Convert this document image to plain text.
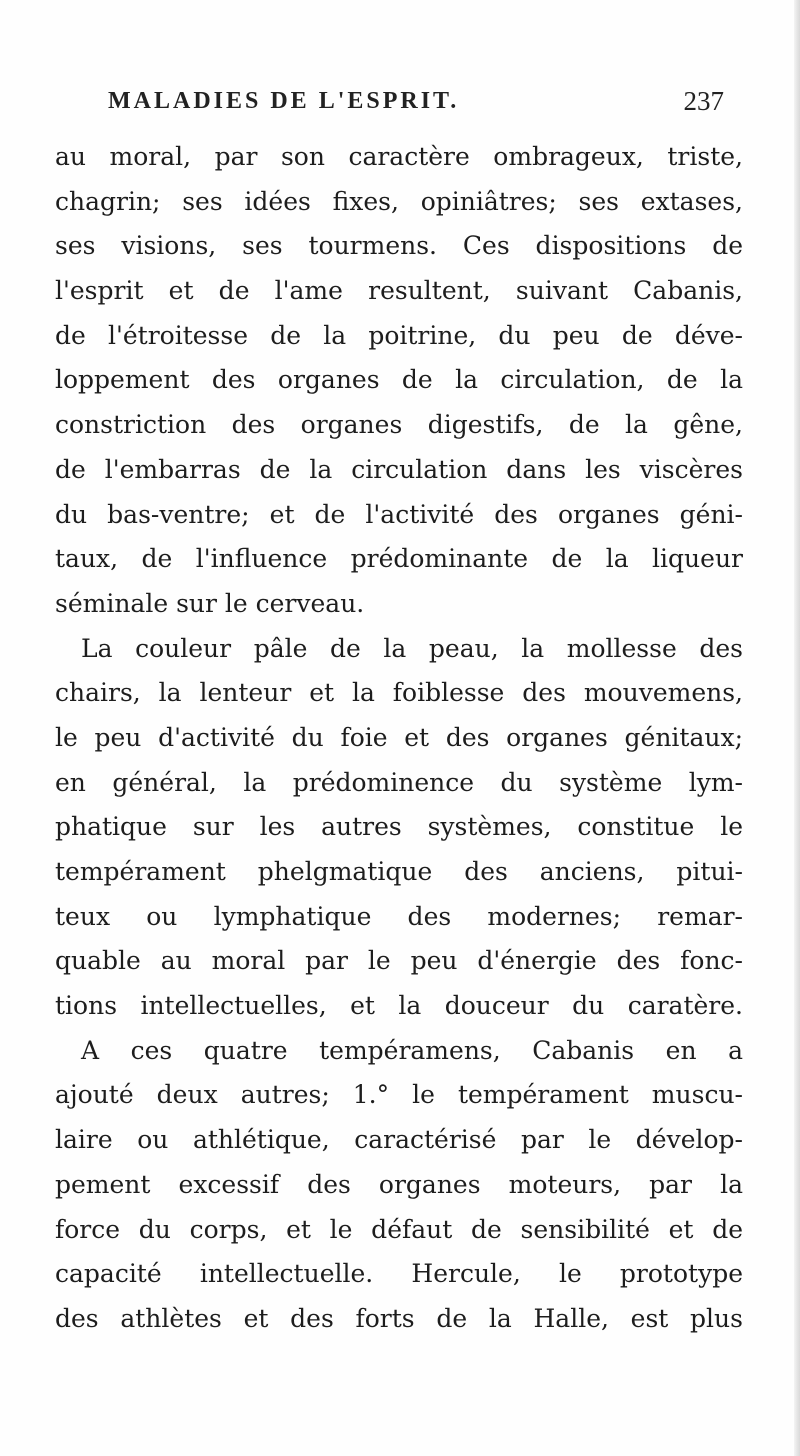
MALADIES DE L'ESPRIT.	237
au moral, par son caractère ombrageux, triste,
chagrin; ses idées fixes, opiniâtres; ses extases,
ses visions, ses tourmens. Ces dispositions de
l'esprit et de l'ame resultent, suivant Cabanis,
de l'étroitesse de la poitrine, du peu de déve-
loppement des organes de la circulation, de la
constriction des organes digestifs, de la gêne,
de l'embarras de la circulation dans les viscères
du bas-ventre; et de l'activité des organes géni-
taux, de l'influence prédominante de la liqueur
séminale sur le cerveau.
La couleur pâle de la peau, la mollesse des
chairs, la lenteur et la foiblesse des mouvemens,
le peu d'activité du foie et des organes génitaux;
en général, la prédominence du système lym-
phatique sur les autres systèmes, constitue le
tempérament phelgmatique des anciens, pitui-
teux ou lymphatique des modernes; remar-
quable au moral par le peu d'énergie des fonc-
tions intellectuelles, et la douceur du caratère.
A ces quatre tempéramens, Cabanis en a
ajouté deux autres; 1.° le tempérament muscu-
laire ou athlétique, caractérisé par le dévelop-
pement excessif des organes moteurs, par la
force du corps, et le défaut de sensibilité et de
capacité intellectuelle. Hercule, le prototype
des athlètes et des forts de la Halle, est plus
